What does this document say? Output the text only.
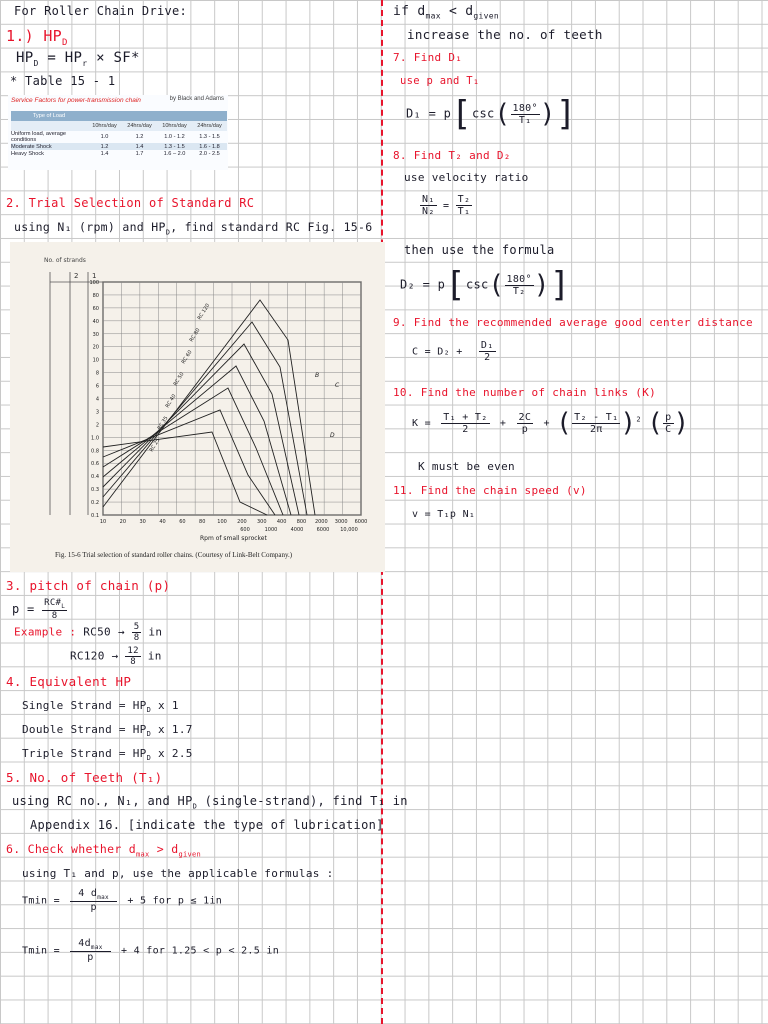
For Roller Chain Drive:
1.) $HP_D$
$HP_D = HP_r \times SF*$
* Table 15 - 1
Service Factors for power-transmission chain	by Black and Adams
Type of Load				
	10hrs/day	24hrs/day	10hrs/day	24hrs/day
Uniform load, average conditions	1.0	1.2	1.0 - 1.2	1.3 - 1.5
Moderate Shock	1.2	1.4	1.3 - 1.5	1.6 - 1.8
Heavy Shock	1.4	1.7	1.6 – 2.0	2.0 - 2.5
2. Trial Selection of Standard RC
using N₁ (rpm) and $HP_D$, find standard RC Fig. 15-6
RC 120
RC 80
RC 60
RC 50
RC 40
RC 35
RC 25
B
C
D
100
80
60
40
30
20
10
8
6
4
3
2
1.0
0.8
0.6
0.4
0.3
0.2
0.1
10	20	30	40	60	80 100 200 300 400 800 2000 3000 6000
600	1000	4000	6000 10,000
No. of strands
2 1
Rpm of small sprocket
Fig. 15-6 Trial selection of standard roller chains. (Courtesy of Link-Belt Company.)
3. pitch of chain (p)
$p = \frac{RC\#_L}{8}$
Example : $RC50 \to \frac{5}{8}$ in
$RC120 \to \frac{12}{8}$ in
4. Equivalent HP
Single Strand = $HP_D$ x 1
Double Strand = $HP_D$ x 1.7
Triple Strand = $HP_D$ x 2.5
5. No. of Teeth (T₁)
using RC no., N₁, and $HP_D$ (single-strand), find T₁ in
Appendix 16. [indicate the type of lubrication]
6. Check whether $d_{max} > d_{given}$
using T₁ and p, use the applicable formulas :
$Tmin = \frac{4 d_{max}}{p} + 5$ for p ≤ 1in
$Tmin = \frac{4d_{max}}{p} + 4$ for 1.25 < p < 2.5 in
if $d_{max} < d_{given}$
increase the no. of teeth
7. Find D₁
use p and T₁
$D_1 = p[\csc( \frac{180^\circ}{\text{T₁}}$ )]
8. Find T₂ and D₂
use velocity ratio
$\frac{\text{N₁}}{\text{N₂}} = \frac{\text{T₂}}{\text{T₁}}$
then use the formula
$D_2 = p[\csc( \frac{180^\circ}{\text{T₂}}$ )]
9. Find the recommended average good center distance
$C = D_2 + \frac{\text{D₁}}{2}$
10. Find the number of chain links (K)
$K = \frac{\text{T₁ + T₂}}{2} + \frac{2C}{p}$ + ( $\frac{\text{T₂ - T₁}}{2\pi} )^2$ ( $\frac{p}{C}$ )
K must be even
11. Find the chain speed (v)
v = T₁p N₁
